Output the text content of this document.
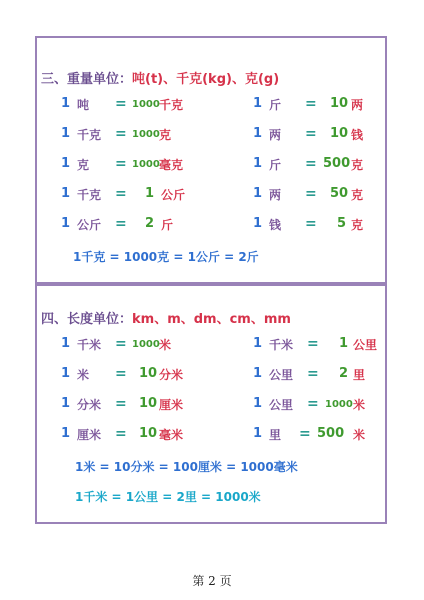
三、重量单位：吨(t)、千克(kg)、克(g)
1 吨 = 1000 千克	1 斤 = 10 两
1 千克 = 1000 克	1 两 = 10 钱
1 克 = 1000 毫克	1 斤 = 500 克
1 千克 = 1 公斤	1 两 = 50 克
1 公斤 = 2 斤	1 钱 = 5 克
1千克 = 1000克 = 1公斤 = 2斤
四、长度单位：km、m、dm、cm、mm
1 千米 = 1000 米	1 千米 = 1 公里
1 米 = 10 分米	1 公里 = 2 里
1 分米 = 10 厘米	1 公里 = 1000 米
1 厘米 = 10 毫米	1 里 = 500 米
1米 = 10分米 = 100厘米 = 1000毫米
1千米 = 1公里 = 2里 = 1000米
第 2 页
